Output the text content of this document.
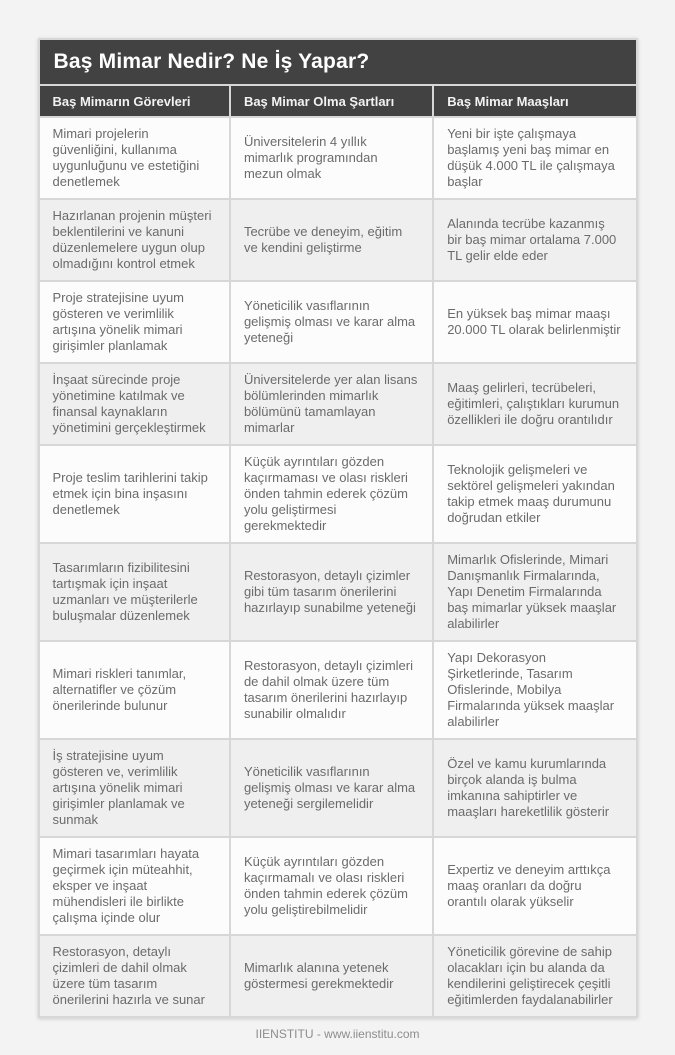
Baş Mimar Nedir? Ne İş Yapar?		
Baş Mimarın Görevleri	Baş Mimar Olma Şartları	Baş Mimar Maaşları
Mimari projelerin güvenliğini, kullanıma uygunluğunu ve estetiğini denetlemek	Üniversitelerin 4 yıllık mimarlık programından mezun olmak	Yeni bir işte çalışmaya başlamış yeni baş mimar en düşük 4.000 TL ile çalışmaya başlar
Hazırlanan projenin müşteri beklentilerini ve kanuni düzenlemelere uygun olup olmadığını kontrol etmek	Tecrübe ve deneyim, eğitim ve kendini geliştirme	Alanında tecrübe kazanmış bir baş mimar ortalama 7.000 TL gelir elde eder
Proje stratejisine uyum gösteren ve verimlilik artışına yönelik mimari girişimler planlamak	Yöneticilik vasıflarının gelişmiş olması ve karar alma yeteneği	En yüksek baş mimar maaşı 20.000 TL olarak belirlenmiştir
İnşaat sürecinde proje yönetimine katılmak ve finansal kaynakların yönetimini gerçekleştirmek	Üniversitelerde yer alan lisans bölümlerinden mimarlık bölümünü tamamlayan mimarlar	Maaş gelirleri, tecrübeleri, eğitimleri, çalıştıkları kurumun özellikleri ile doğru orantılıdır
Proje teslim tarihlerini takip etmek için bina inşasını denetlemek	Küçük ayrıntıları gözden kaçırmaması ve olası riskleri önden tahmin ederek çözüm yolu geliştirmesi gerekmektedir	Teknolojik gelişmeleri ve sektörel gelişmeleri yakından takip etmek maaş durumunu doğrudan etkiler
Tasarımların fizibilitesini tartışmak için inşaat uzmanları ve müşterilerle buluşmalar düzenlemek	Restorasyon, detaylı çizimler gibi tüm tasarım önerilerini hazırlayıp sunabilme yeteneği	Mimarlık Ofislerinde, Mimari Danışmanlık Firmalarında, Yapı Denetim Firmalarında baş mimarlar yüksek maaşlar alabilirler
Mimari riskleri tanımlar, alternatifler ve çözüm önerilerinde bulunur	Restorasyon, detaylı çizimleri de dahil olmak üzere tüm tasarım önerilerini hazırlayıp sunabilir olmalıdır	Yapı Dekorasyon Şirketlerinde, Tasarım Ofislerinde, Mobilya Firmalarında yüksek maaşlar alabilirler
İş stratejisine uyum gösteren ve, verimlilik artışına yönelik mimari girişimler planlamak ve sunmak	Yöneticilik vasıflarının gelişmiş olması ve karar alma yeteneği sergilemelidir	Özel ve kamu kurumlarında birçok alanda iş bulma imkanına sahiptirler ve maaşları hareketlilik gösterir
Mimari tasarımları hayata geçirmek için müteahhit, eksper ve inşaat mühendisleri ile birlikte çalışma içinde olur	Küçük ayrıntıları gözden kaçırmamalı ve olası riskleri önden tahmin ederek çözüm yolu geliştirebilmelidir	Expertiz ve deneyim arttıkça maaş oranları da doğru orantılı olarak yükselir
Restorasyon, detaylı çizimleri de dahil olmak üzere tüm tasarım önerilerini hazırla ve sunar	Mimarlık alanına yetenek göstermesi gerekmektedir	Yöneticilik görevine de sahip olacakları için bu alanda da kendilerini geliştirecek çeşitli eğitimlerden faydalanabilirler
IIENSTITU - www.iienstitu.com
